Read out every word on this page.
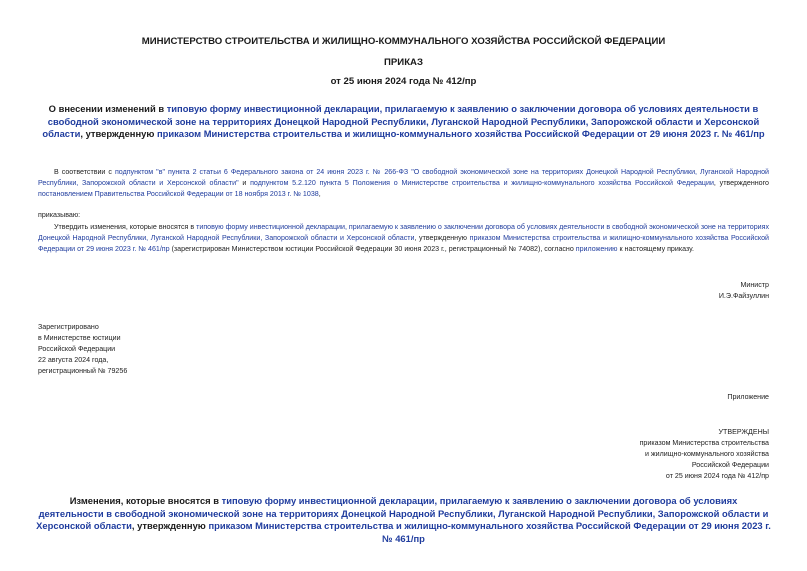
МИНИСТЕРСТВО СТРОИТЕЛЬСТВА И ЖИЛИЩНО-КОММУНАЛЬНОГО ХОЗЯЙСТВА РОССИЙСКОЙ ФЕДЕРАЦИИ
ПРИКАЗ
от 25 июня 2024 года № 412/пр
О внесении изменений в типовую форму инвестиционной декларации, прилагаемую к заявлению о заключении договора об условиях деятельности в свободной экономической зоне на территориях Донецкой Народной Республики, Луганской Народной Республики, Запорожской области и Херсонской области, утвержденную приказом Министерства строительства и жилищно-коммунального хозяйства Российской Федерации от 29 июня 2023 г. № 461/пр
В соответствии с подпунктом "в" пункта 2 статьи 6 Федерального закона от 24 июня 2023 г. № 266-ФЗ "О свободной экономической зоне на территориях Донецкой Народной Республики, Луганской Народной Республики, Запорожской области и Херсонской области" и подпунктом 5.2.120 пункта 5 Положения о Министерстве строительства и жилищно-коммунального хозяйства Российской Федерации, утвержденного постановлением Правительства Российской Федерации от 18 ноября 2013 г. № 1038,
приказываю:
Утвердить изменения, которые вносятся в типовую форму инвестиционной декларации, прилагаемую к заявлению о заключении договора об условиях деятельности в свободной экономической зоне на территориях Донецкой Народной Республики, Луганской Народной Республики, Запорожской области и Херсонской области, утвержденную приказом Министерства строительства и жилищно-коммунального хозяйства Российской Федерации от 29 июня 2023 г. № 461/пр (зарегистрирован Министерством юстиции Российской Федерации 30 июня 2023 г., регистрационный № 74082), согласно приложению к настоящему приказу.
Министр
И.Э.Файзуллин
Зарегистрировано
в Министерстве юстиции
Российской Федерации
22 августа 2024 года,
регистрационный № 79256
Приложение
УТВЕРЖДЕНЫ
приказом Министерства строительства
и жилищно-коммунального хозяйства
Российской Федерации
от 25 июня 2024 года № 412/пр
Изменения, которые вносятся в типовую форму инвестиционной декларации, прилагаемую к заявлению о заключении договора об условиях деятельности в свободной экономической зоне на территориях Донецкой Народной Республики, Луганской Народной Республики, Запорожской области и Херсонской области, утвержденную приказом Министерства строительства и жилищно-коммунального хозяйства Российской Федерации от 29 июня 2023 г. № 461/пр
